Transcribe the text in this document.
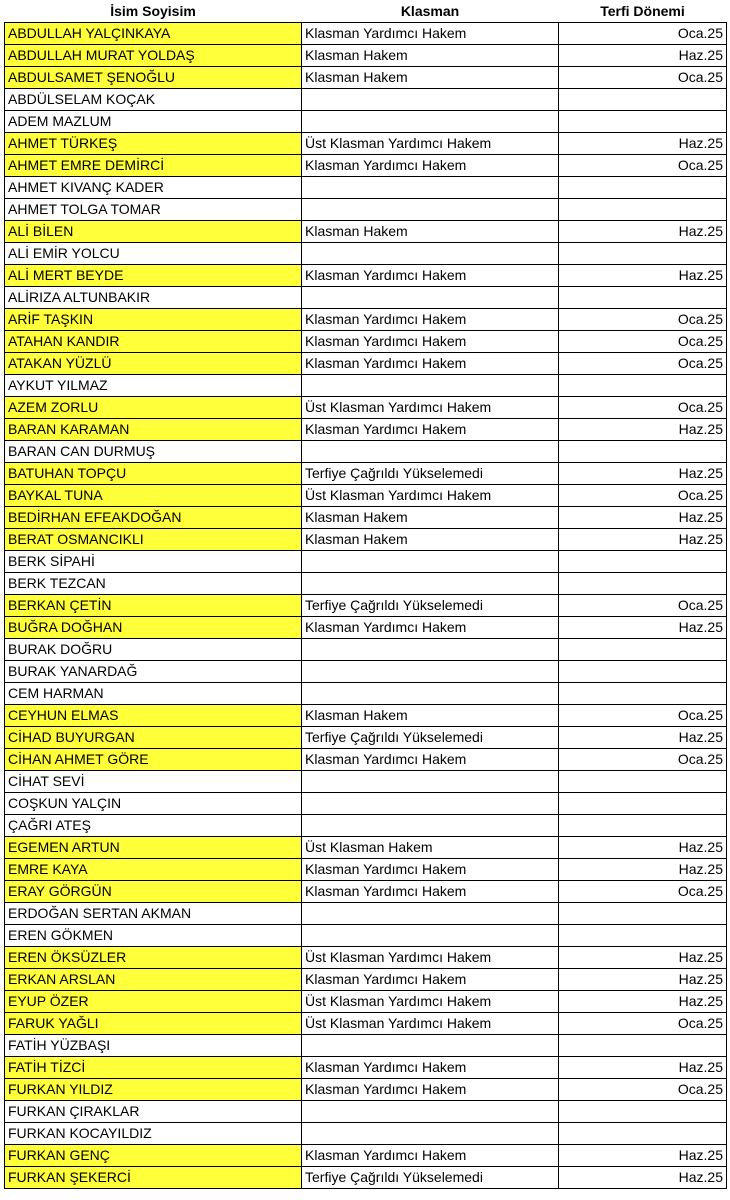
İsim Soyisim	Klasman	Terfi Dönemi
ABDULLAH YALÇINKAYA	Klasman Yardımcı Hakem	Oca.25
ABDULLAH MURAT YOLDAŞ	Klasman Hakem	Haz.25
ABDULSAMET ŞENOĞLU	Klasman Hakem	Oca.25
ABDÜLSELAM KOÇAK		
ADEM MAZLUM		
AHMET TÜRKEŞ	Üst Klasman Yardımcı Hakem	Haz.25
AHMET EMRE DEMİRCİ	Klasman Yardımcı Hakem	Oca.25
AHMET KIVANÇ KADER		
AHMET TOLGA TOMAR		
ALİ BİLEN	Klasman Hakem	Haz.25
ALİ EMİR YOLCU		
ALİ MERT BEYDE	Klasman Yardımcı Hakem	Haz.25
ALİRIZA ALTUNBAKIR		
ARİF TAŞKIN	Klasman Yardımcı Hakem	Oca.25
ATAHAN KANDIR	Klasman Yardımcı Hakem	Oca.25
ATAKAN YÜZLÜ	Klasman Yardımcı Hakem	Oca.25
AYKUT YILMAZ		
AZEM ZORLU	Üst Klasman Yardımcı Hakem	Oca.25
BARAN KARAMAN	Klasman Yardımcı Hakem	Haz.25
BARAN CAN DURMUŞ		
BATUHAN TOPÇU	Terfiye Çağrıldı Yükselemedi	Haz.25
BAYKAL TUNA	Üst Klasman Yardımcı Hakem	Oca.25
BEDİRHAN EFEAKDOĞAN	Klasman Hakem	Haz.25
BERAT OSMANCIKLI	Klasman Hakem	Haz.25
BERK SİPAHİ		
BERK TEZCAN		
BERKAN ÇETİN	Terfiye Çağrıldı Yükselemedi	Oca.25
BUĞRA DOĞHAN	Klasman Yardımcı Hakem	Haz.25
BURAK DOĞRU		
BURAK YANARDAĞ		
CEM HARMAN		
CEYHUN ELMAS	Klasman Hakem	Oca.25
CİHAD BUYURGAN	Terfiye Çağrıldı Yükselemedi	Haz.25
CİHAN AHMET GÖRE	Klasman Yardımcı Hakem	Oca.25
CİHAT SEVİ		
COŞKUN YALÇIN		
ÇAĞRI ATEŞ		
EGEMEN ARTUN	Üst Klasman Hakem	Haz.25
EMRE KAYA	Klasman Yardımcı Hakem	Haz.25
ERAY GÖRGÜN	Klasman Yardımcı Hakem	Oca.25
ERDOĞAN SERTAN AKMAN		
EREN GÖKMEN		
EREN ÖKSÜZLER	Üst Klasman Yardımcı Hakem	Haz.25
ERKAN ARSLAN	Klasman Yardımcı Hakem	Haz.25
EYUP ÖZER	Üst Klasman Yardımcı Hakem	Haz.25
FARUK YAĞLI	Üst Klasman Yardımcı Hakem	Oca.25
FATİH YÜZBAŞI		
FATİH TİZCİ	Klasman Yardımcı Hakem	Haz.25
FURKAN YILDIZ	Klasman Yardımcı Hakem	Oca.25
FURKAN ÇIRAKLAR		
FURKAN KOCAYILDIZ		
FURKAN GENÇ	Klasman Yardımcı Hakem	Haz.25
FURKAN ŞEKERCİ	Terfiye Çağrıldı Yükselemedi	Haz.25
